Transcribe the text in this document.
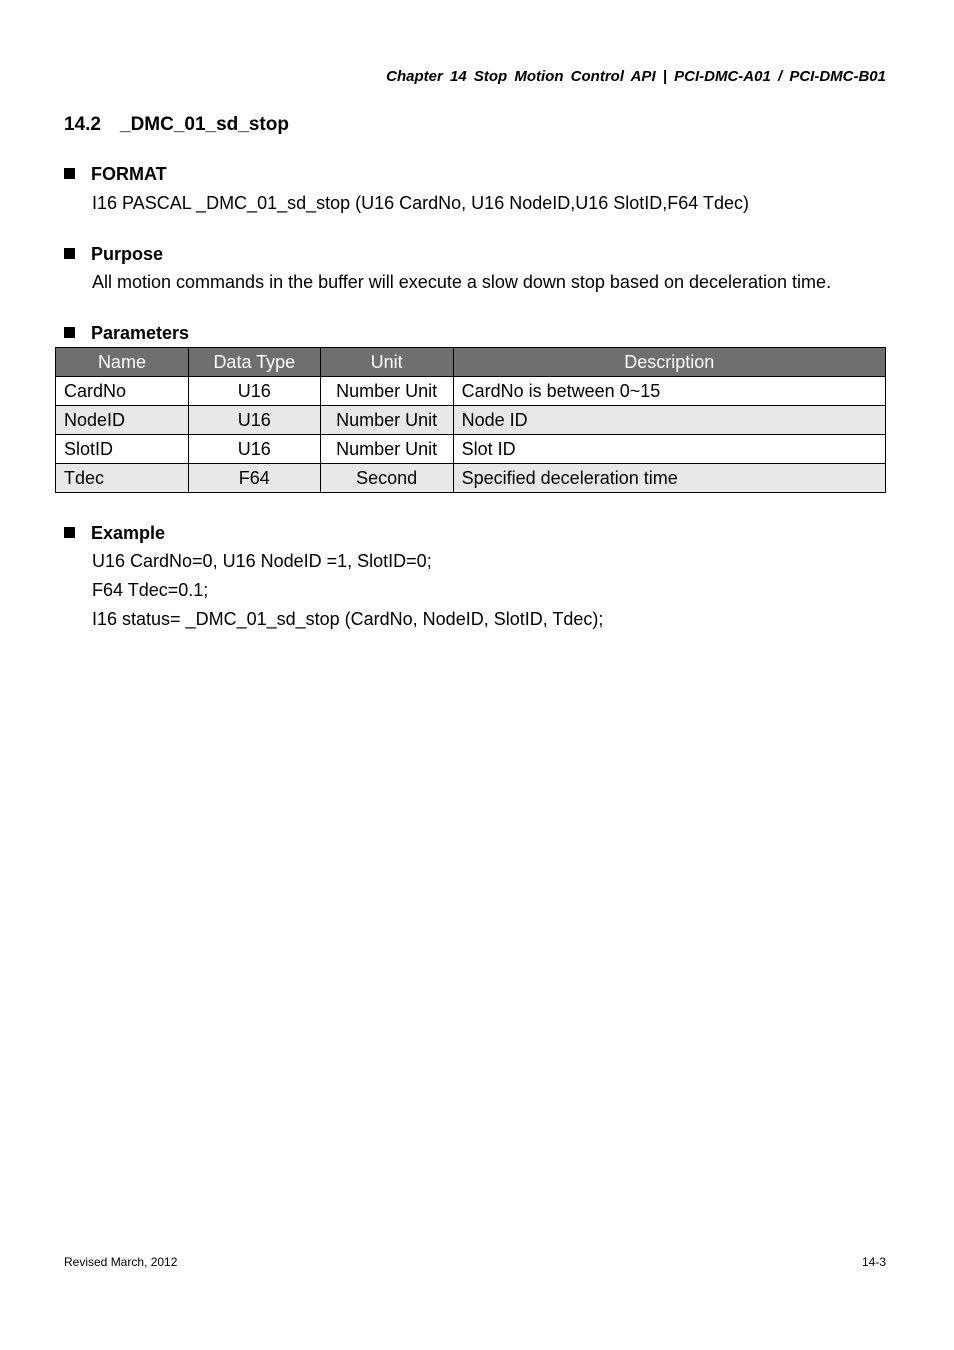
Chapter 14 Stop Motion Control API | PCI-DMC-A01 / PCI-DMC-B01
14.2 _DMC_01_sd_stop
FORMAT
I16 PASCAL _DMC_01_sd_stop (U16 CardNo, U16 NodeID,U16 SlotID,F64 Tdec)
Purpose
All motion commands in the buffer will execute a slow down stop based on deceleration time.
Parameters
Name	Data Type	Unit	Description
CardNo	U16	Number Unit	CardNo is between 0~15
NodeID	U16	Number Unit	Node ID
SlotID	U16	Number Unit	Slot ID
Tdec	F64	Second	Specified deceleration time
Example
U16 CardNo=0, U16 NodeID =1, SlotID=0;
F64 Tdec=0.1;
I16 status= _DMC_01_sd_stop (CardNo, NodeID, SlotID, Tdec);
Revised March, 2012	14-3
